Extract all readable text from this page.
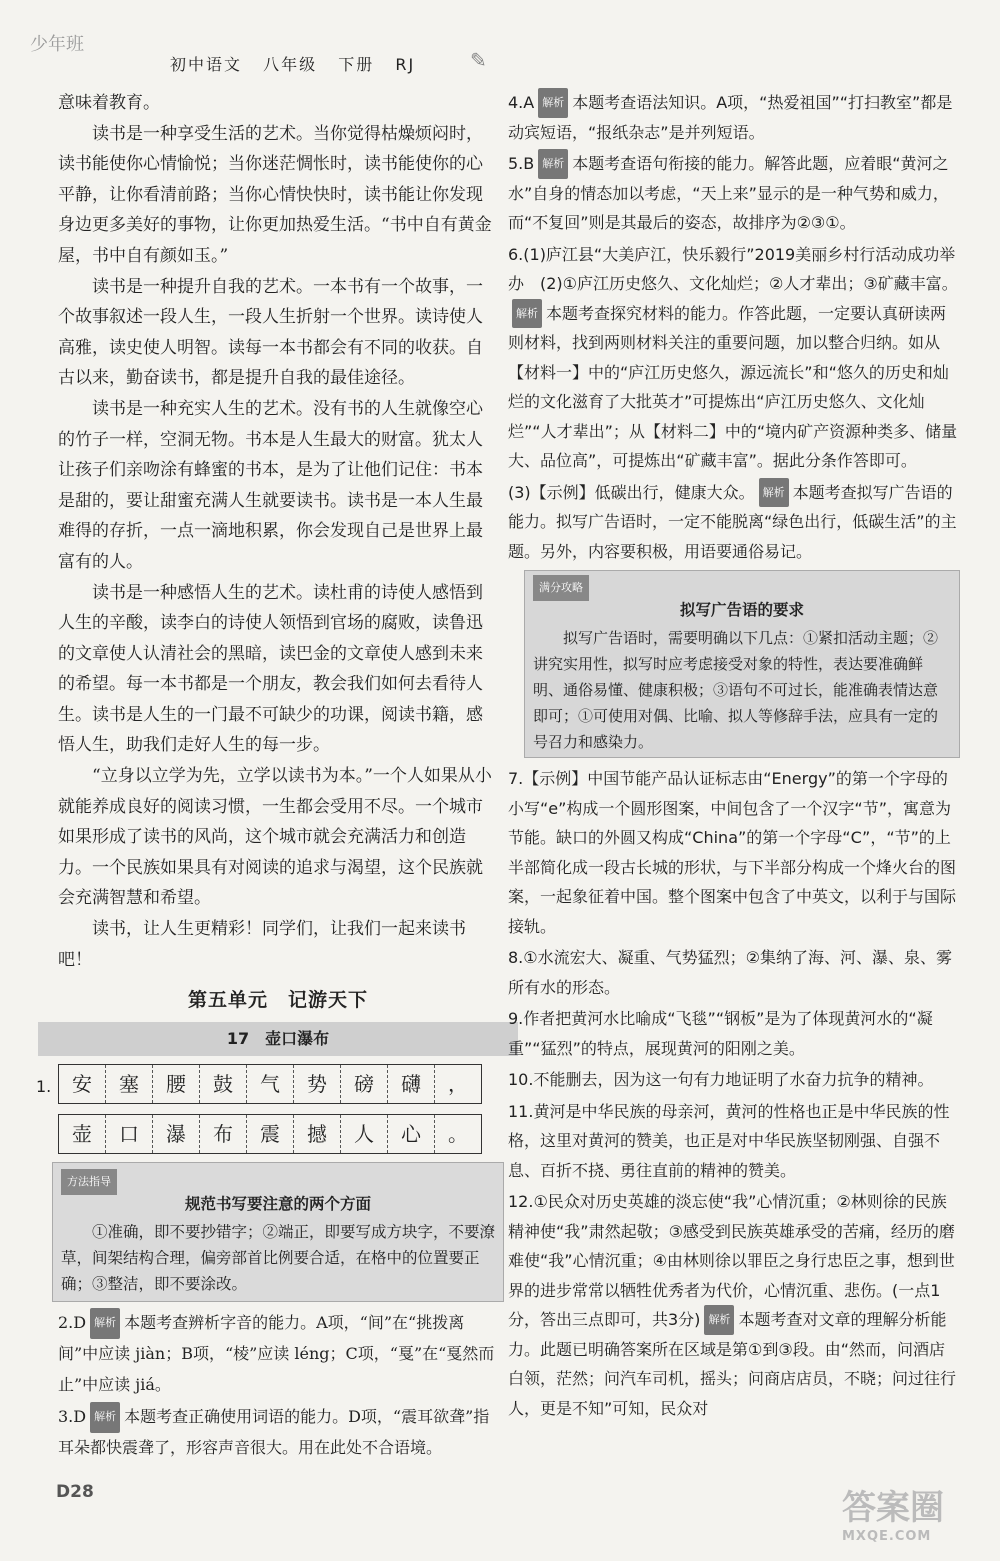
少年班
初中语文 八年级 下册 RJ	✎

意味着教育。

读书是一种享受生活的艺术。当你觉得枯燥烦闷时，读书能使你心情愉悦；当你迷茫惆怅时，读书能使你的心平静，让你看清前路；当你心情快快时，读书能让你发现身边更多美好的事物，让你更加热爱生活。“书中自有黄金屋，书中自有颜如玉。”

读书是一种提升自我的艺术。一本书有一个故事，一个故事叙述一段人生，一段人生折射一个世界。读诗使人高雅，读史使人明智。读每一本书都会有不同的收获。自古以来，勤奋读书，都是提升自我的最佳途径。

读书是一种充实人生的艺术。没有书的人生就像空心的竹子一样，空洞无物。书本是人生最大的财富。犹太人让孩子们亲吻涂有蜂蜜的书本，是为了让他们记住：书本是甜的，要让甜蜜充满人生就要读书。读书是一本人生最难得的存折，一点一滴地积累，你会发现自己是世界上最富有的人。

读书是一种感悟人生的艺术。读杜甫的诗使人感悟到人生的辛酸，读李白的诗使人领悟到官场的腐败，读鲁迅的文章使人认清社会的黑暗，读巴金的文章使人感到未来的希望。每一本书都是一个朋友，教会我们如何去看待人生。读书是人生的一门最不可缺少的功课，阅读书籍，感悟人生，助我们走好人生的每一步。

“立身以立学为先，立学以读书为本。”一个人如果从小就能养成良好的阅读习惯，一生都会受用不尽。一个城市如果形成了读书的风尚，这个城市就会充满活力和创造力。一个民族如果具有对阅读的追求与渴望，这个民族就会充满智慧和希望。

读书，让人生更精彩！同学们，让我们一起来读书吧！

第五单元　记游天下
17　壶口瀑布
1.	安	塞	腰	鼓	气	势	磅	礴	，
壶	口	瀑	布	震	撼	人	心	。
方法指导
规范书写要注意的两个方面
①准确，即不要抄错字；②端正，即要写成方块字，不要潦草，间架结构合理，偏旁部首比例要合适，在格中的位置要正确；③整洁，即不要涂改。

2.D 解析 本题考查辨析字音的能力。A项，“间”在“挑拨离间”中应读 jiàn；B项，“棱”应读 léng；C项，“戛”在“戛然而止”中应读 jiá。

3.D 解析 本题考查正确使用词语的能力。D项，“震耳欲聋”指耳朵都快震聋了，形容声音很大。用在此处不合语境。

4.A 解析 本题考查语法知识。A项，“热爱祖国”“打扫教室”都是动宾短语，“报纸杂志”是并列短语。

5.B 解析 本题考查语句衔接的能力。解答此题，应着眼“黄河之水”自身的情态加以考虑，“天上来”显示的是一种气势和威力，而“不复回”则是其最后的姿态，故排序为②③①。

6.(1)庐江县“大美庐江，快乐毅行”2019美丽乡村行活动成功举办　(2)①庐江历史悠久、文化灿烂；②人才辈出；③矿藏丰富。解析 本题考查探究材料的能力。作答此题，一定要认真研读两则材料，找到两则材料关注的重要问题，加以整合归纳。如从【材料一】中的“庐江历史悠久，源远流长”和“悠久的历史和灿烂的文化滋育了大批英才”可提炼出“庐江历史悠久、文化灿烂”“人才辈出”；从【材料二】中的“境内矿产资源种类多、储量大、品位高”，可提炼出“矿藏丰富”。据此分条作答即可。

(3)【示例】低碳出行，健康大众。 解析 本题考查拟写广告语的能力。拟写广告语时，一定不能脱离“绿色出行，低碳生活”的主题。另外，内容要积极，用语要通俗易记。

满分攻略
拟写广告语的要求
拟写广告语时，需要明确以下几点：①紧扣活动主题；②讲究实用性，拟写时应考虑接受对象的特性，表达要准确鲜明、通俗易懂、健康积极；③语句不可过长，能准确表情达意即可；①可使用对偶、比喻、拟人等修辞手法，应具有一定的号召力和感染力。

7.【示例】中国节能产品认证标志由“Energy”的第一个字母的小写“e”构成一个圆形图案，中间包含了一个汉字“节”，寓意为节能。缺口的外圆又构成“China”的第一个字母“C”，“节”的上半部简化成一段古长城的形状，与下半部分构成一个烽火台的图案，一起象征着中国。整个图案中包含了中英文，以利于与国际接轨。

8.①水流宏大、凝重、气势猛烈；②集纳了海、河、瀑、泉、雾所有水的形态。

9.作者把黄河水比喻成“飞毯”“钢板”是为了体现黄河水的“凝重”“猛烈”的特点，展现黄河的阳刚之美。

10.不能删去，因为这一句有力地证明了水奋力抗争的精神。

11.黄河是中华民族的母亲河，黄河的性格也正是中华民族的性格，这里对黄河的赞美，也正是对中华民族坚韧刚强、自强不息、百折不挠、勇往直前的精神的赞美。

12.①民众对历史英雄的淡忘使“我”心情沉重；②林则徐的民族精神使“我”肃然起敬；③感受到民族英雄承受的苦痛，经历的磨难使“我”心情沉重；④由林则徐以罪臣之身行忠臣之事，想到世界的进步常常以牺牲优秀者为代价，心情沉重、悲伤。(一点1分，答出三点即可，共3分) 解析 本题考查对文章的理解分析能力。此题已明确答案所在区域是第①到③段。由“然而，问酒店白领，茫然；问汽车司机，摇头；问商店店员，不晓；问过往行人，更是不知”可知，民众对

D28	答案圈
MXQE.COM
